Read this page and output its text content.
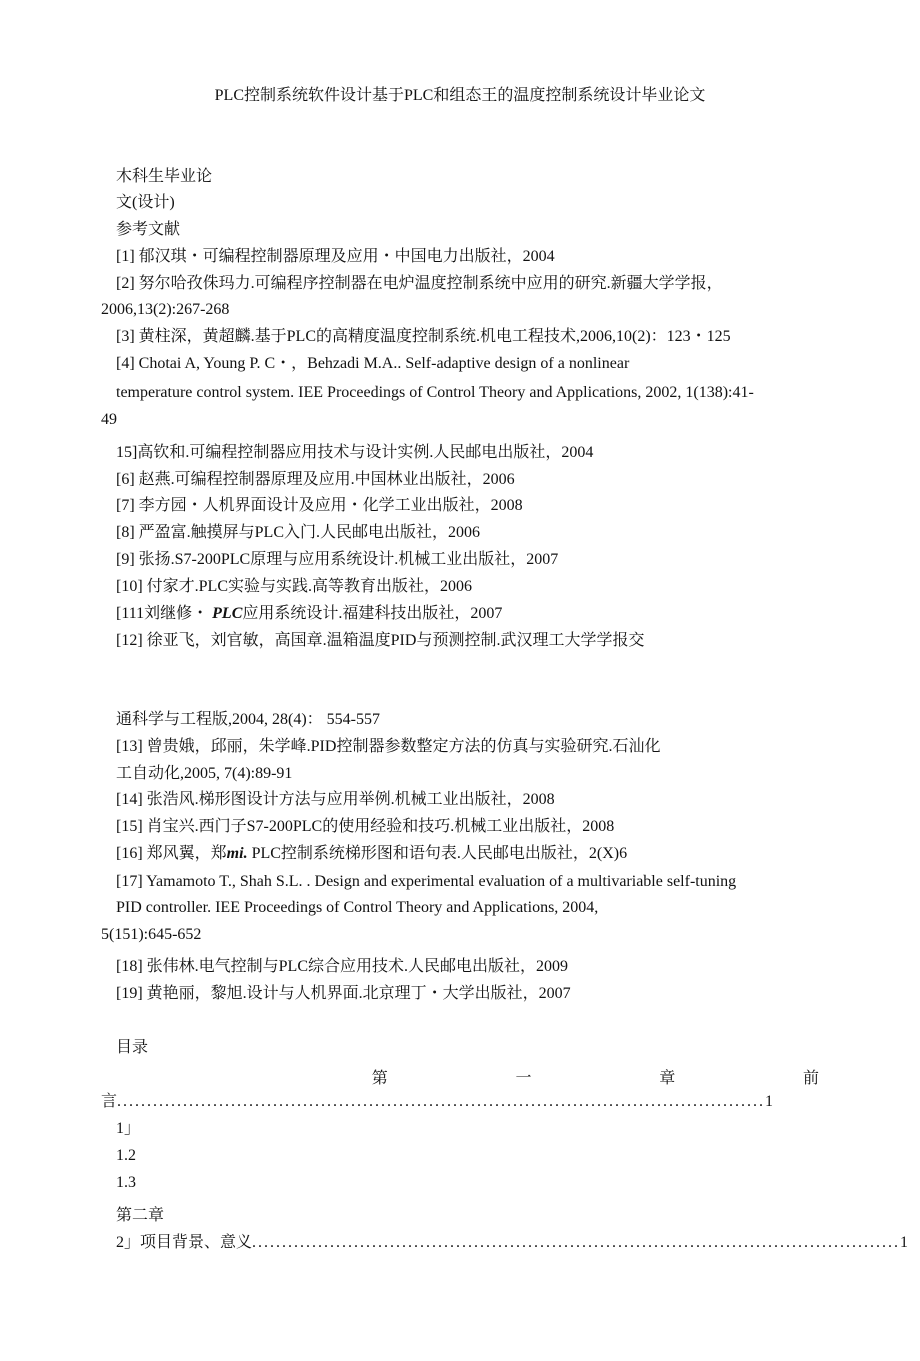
PLC控制系统软件设计基于PLC和组态王的温度控制系统设计毕业论文
木科生毕业论
文(设计)
参考文献
[1] 郁汉琪・可编程控制器原理及应用・中国电力出版社，2004
[2] 努尔哈孜侏玛力.可编程序控制器在电炉温度控制系统中应用的研究.新疆大学学报，
2006,13(2):267-268
[3] 黄柱深，黄超麟.基于PLC的高精度温度控制系统.机电工程技术,2006,10(2)：123・125
[4] Chotai A, Young P. C・，Behzadi M.A.. Self-adaptive design of a nonlinear
temperature control system. IEE Proceedings of Control Theory and Applications, 2002, 1(138):41-
49
15]高钦和.可编程控制器应用技术与设计实例.人民邮电出版社，2004
[6] 赵燕.可编程控制器原理及应用.中国林业出版社，2006
[7] 李方园・人机界面设计及应用・化学工业出版社，2008
[8] 严盈富.触摸屏与PLC入门.人民邮电出版社，2006
[9] 张扬.S7-200PLC原理与应用系统设计.机械工业出版社，2007
[10] 付家才.PLC实验与实践.高等教育出版社，2006
[111刘继修・ PLC应用系统设计.福建科技出版社，2007
[12] 徐亚飞，刘官敏，高国章.温箱温度PID与预测控制.武汉理工大学学报交
通科学与工程版,2004, 28(4)： 554-557
[13] 曾贵娥，邱丽，朱学峰.PID控制器参数整定方法的仿真与实验研究.石汕化
工自动化,2005, 7(4):89-91
[14] 张浩风.梯形图设计方法与应用举例.机械工业出版社，2008
[15] 肖宝兴.西门子S7-200PLC的使用经验和技巧.机械工业出版社，2008
[16] 郑风翼，郑mi. PLC控制系统梯形图和语句表.人民邮电出版社，2(X)6
[17] Yamamoto T., Shah S.L. . Design and experimental evaluation of a multivariable self-tuning
PID controller. IEE Proceedings of Control Theory and Applications, 2004,
5(151):645-652
[18] 张伟林.电气控制与PLC综合应用技术.人民邮电出版社，2009
[19] 黄艳丽，黎旭.设计与人机界面.北京理丁・大学出版社，2007
目录
第	一	章	前
言 ............................................................................................................ 1
1」
1.2
1.3
第二章
2」项目背景、意义 ............................................................................................................ 1
